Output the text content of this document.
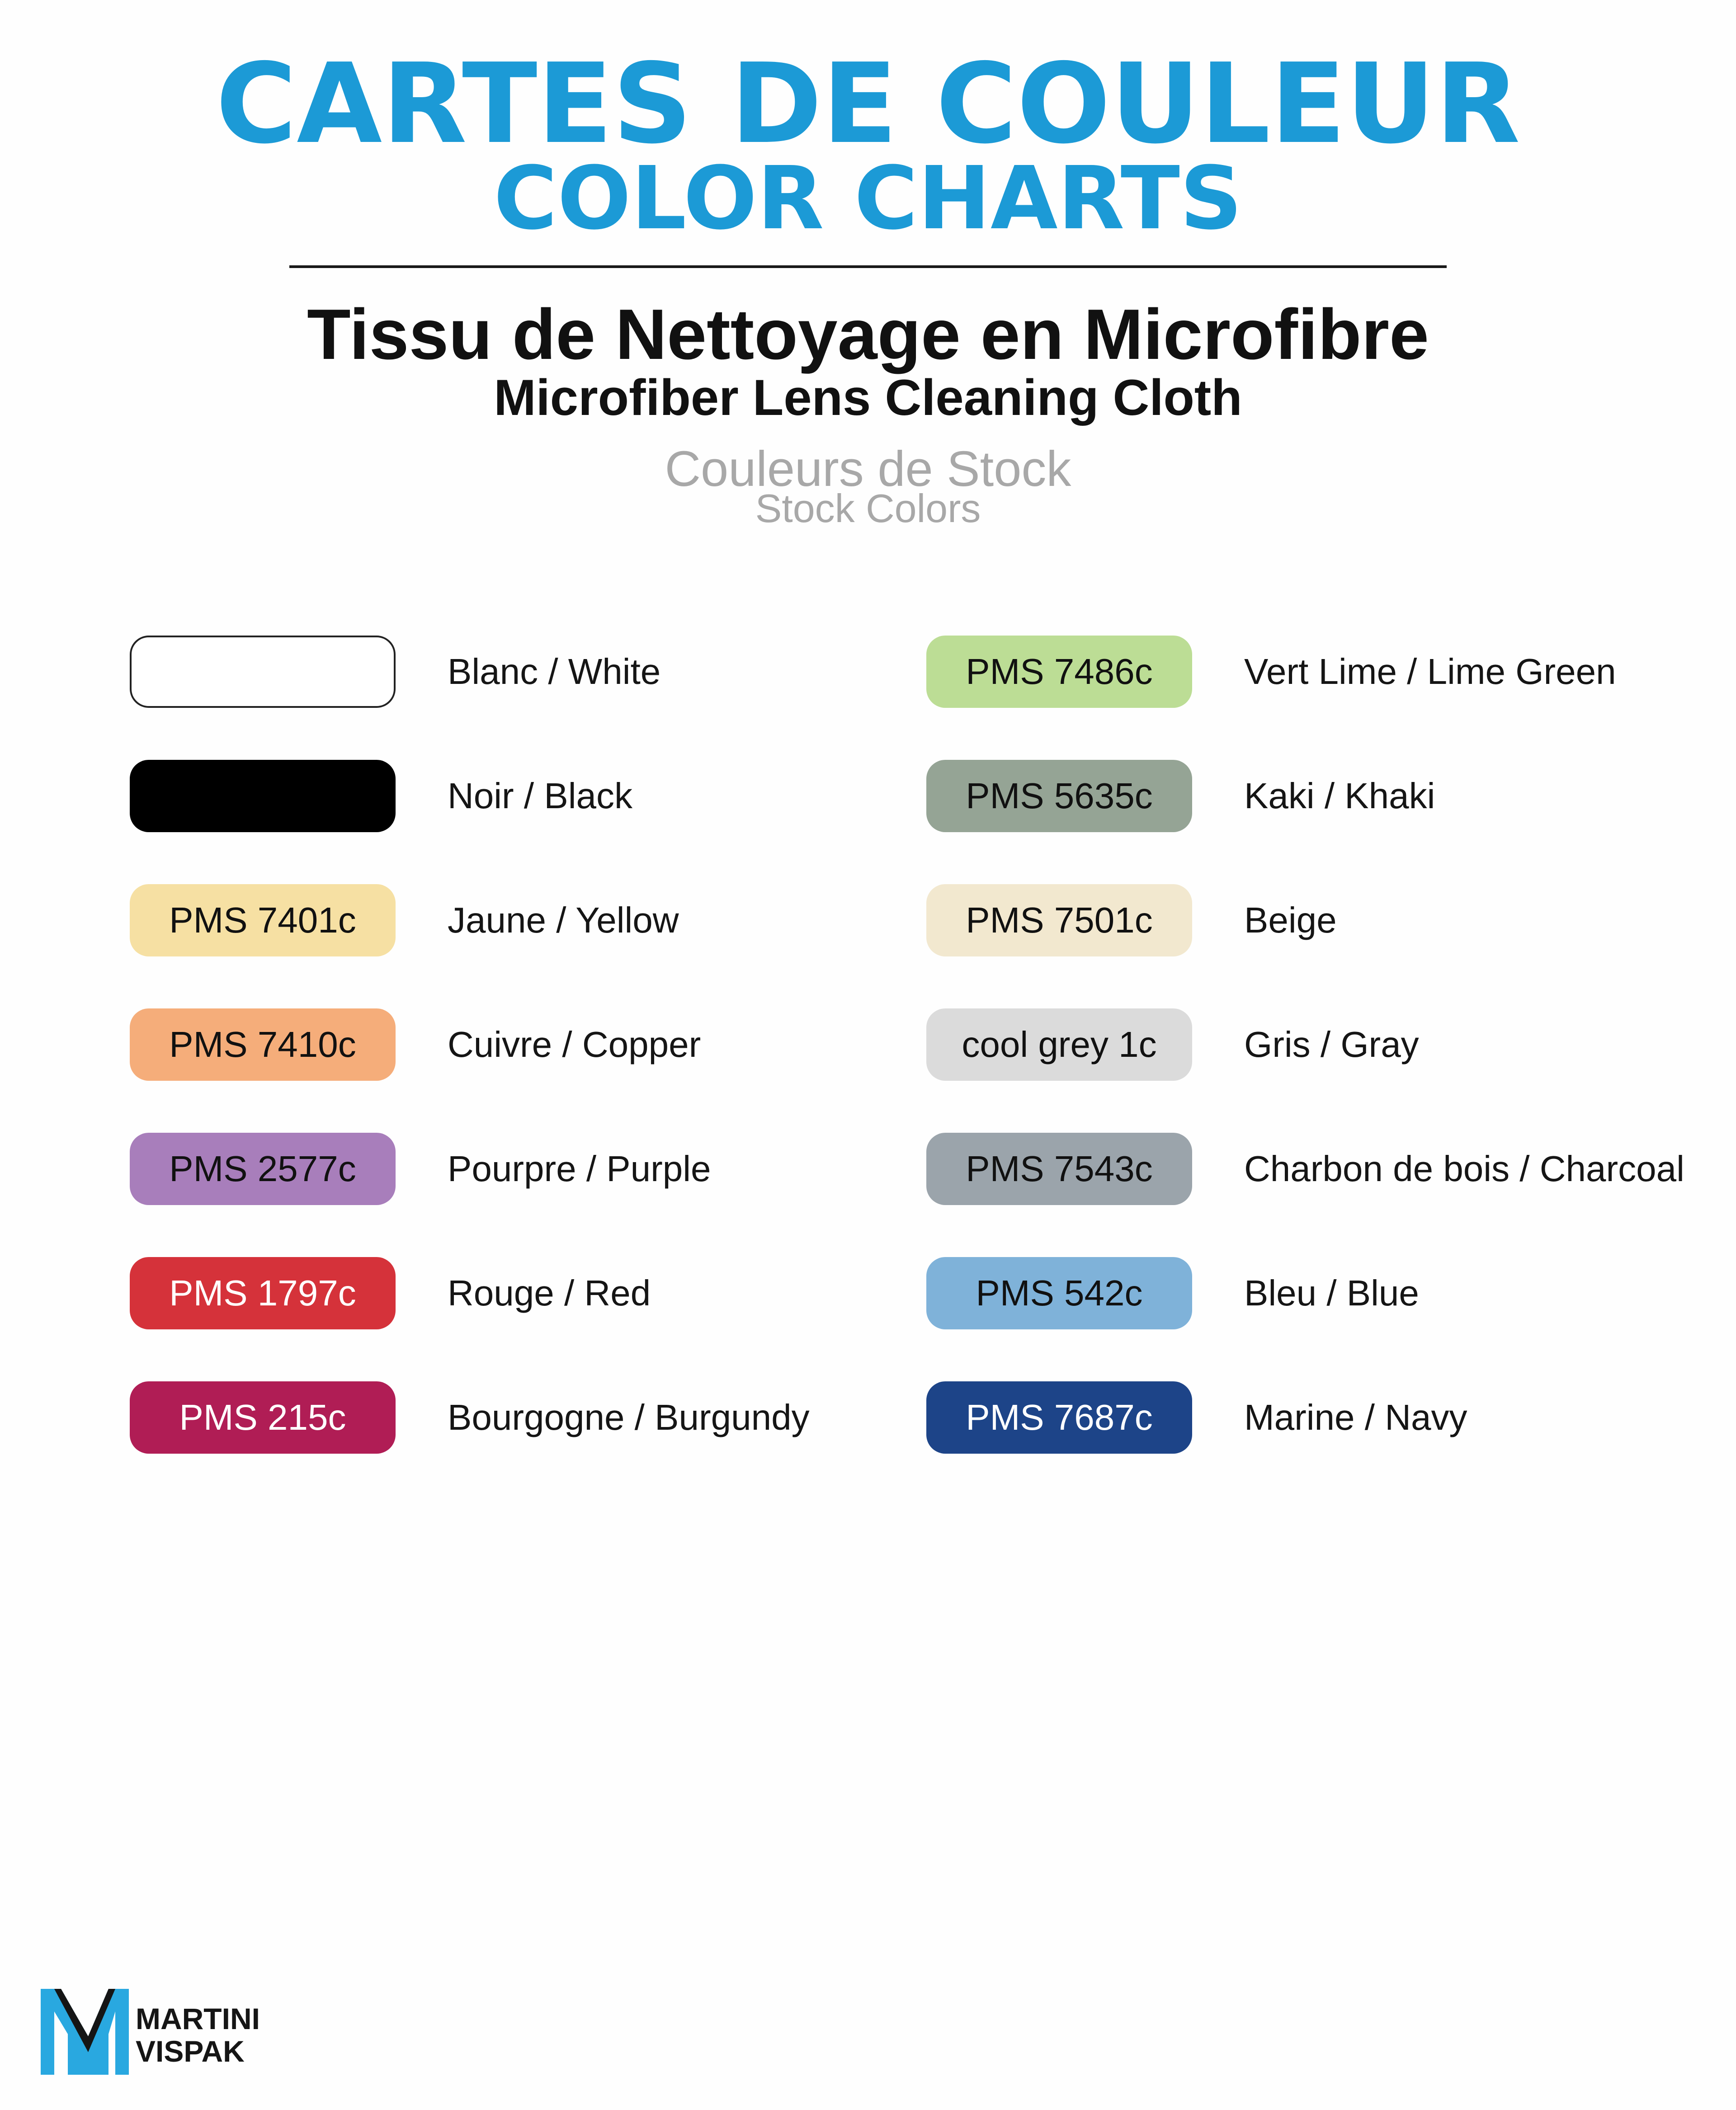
CARTES DE COULEUR
COLOR CHARTS
Tissu de Nettoyage en Microfibre
Microfiber Lens Cleaning Cloth
Couleurs de Stock
Stock Colors
Blanc / White
Noir / Black
PMS 7401c	Jaune / Yellow
PMS 7410c	Cuivre / Copper
PMS 2577c	Pourpre / Purple
PMS 1797c	Rouge / Red
PMS 215c	Bourgogne / Burgundy
PMS 7486c	Vert Lime / Lime Green
PMS 5635c	Kaki / Khaki
PMS 7501c	Beige
cool grey 1c	Gris / Gray
PMS 7543c	Charbon de bois / Charcoal
PMS 542c	Bleu / Blue
PMS 7687c	Marine / Navy
MARTINI
VISPAK
